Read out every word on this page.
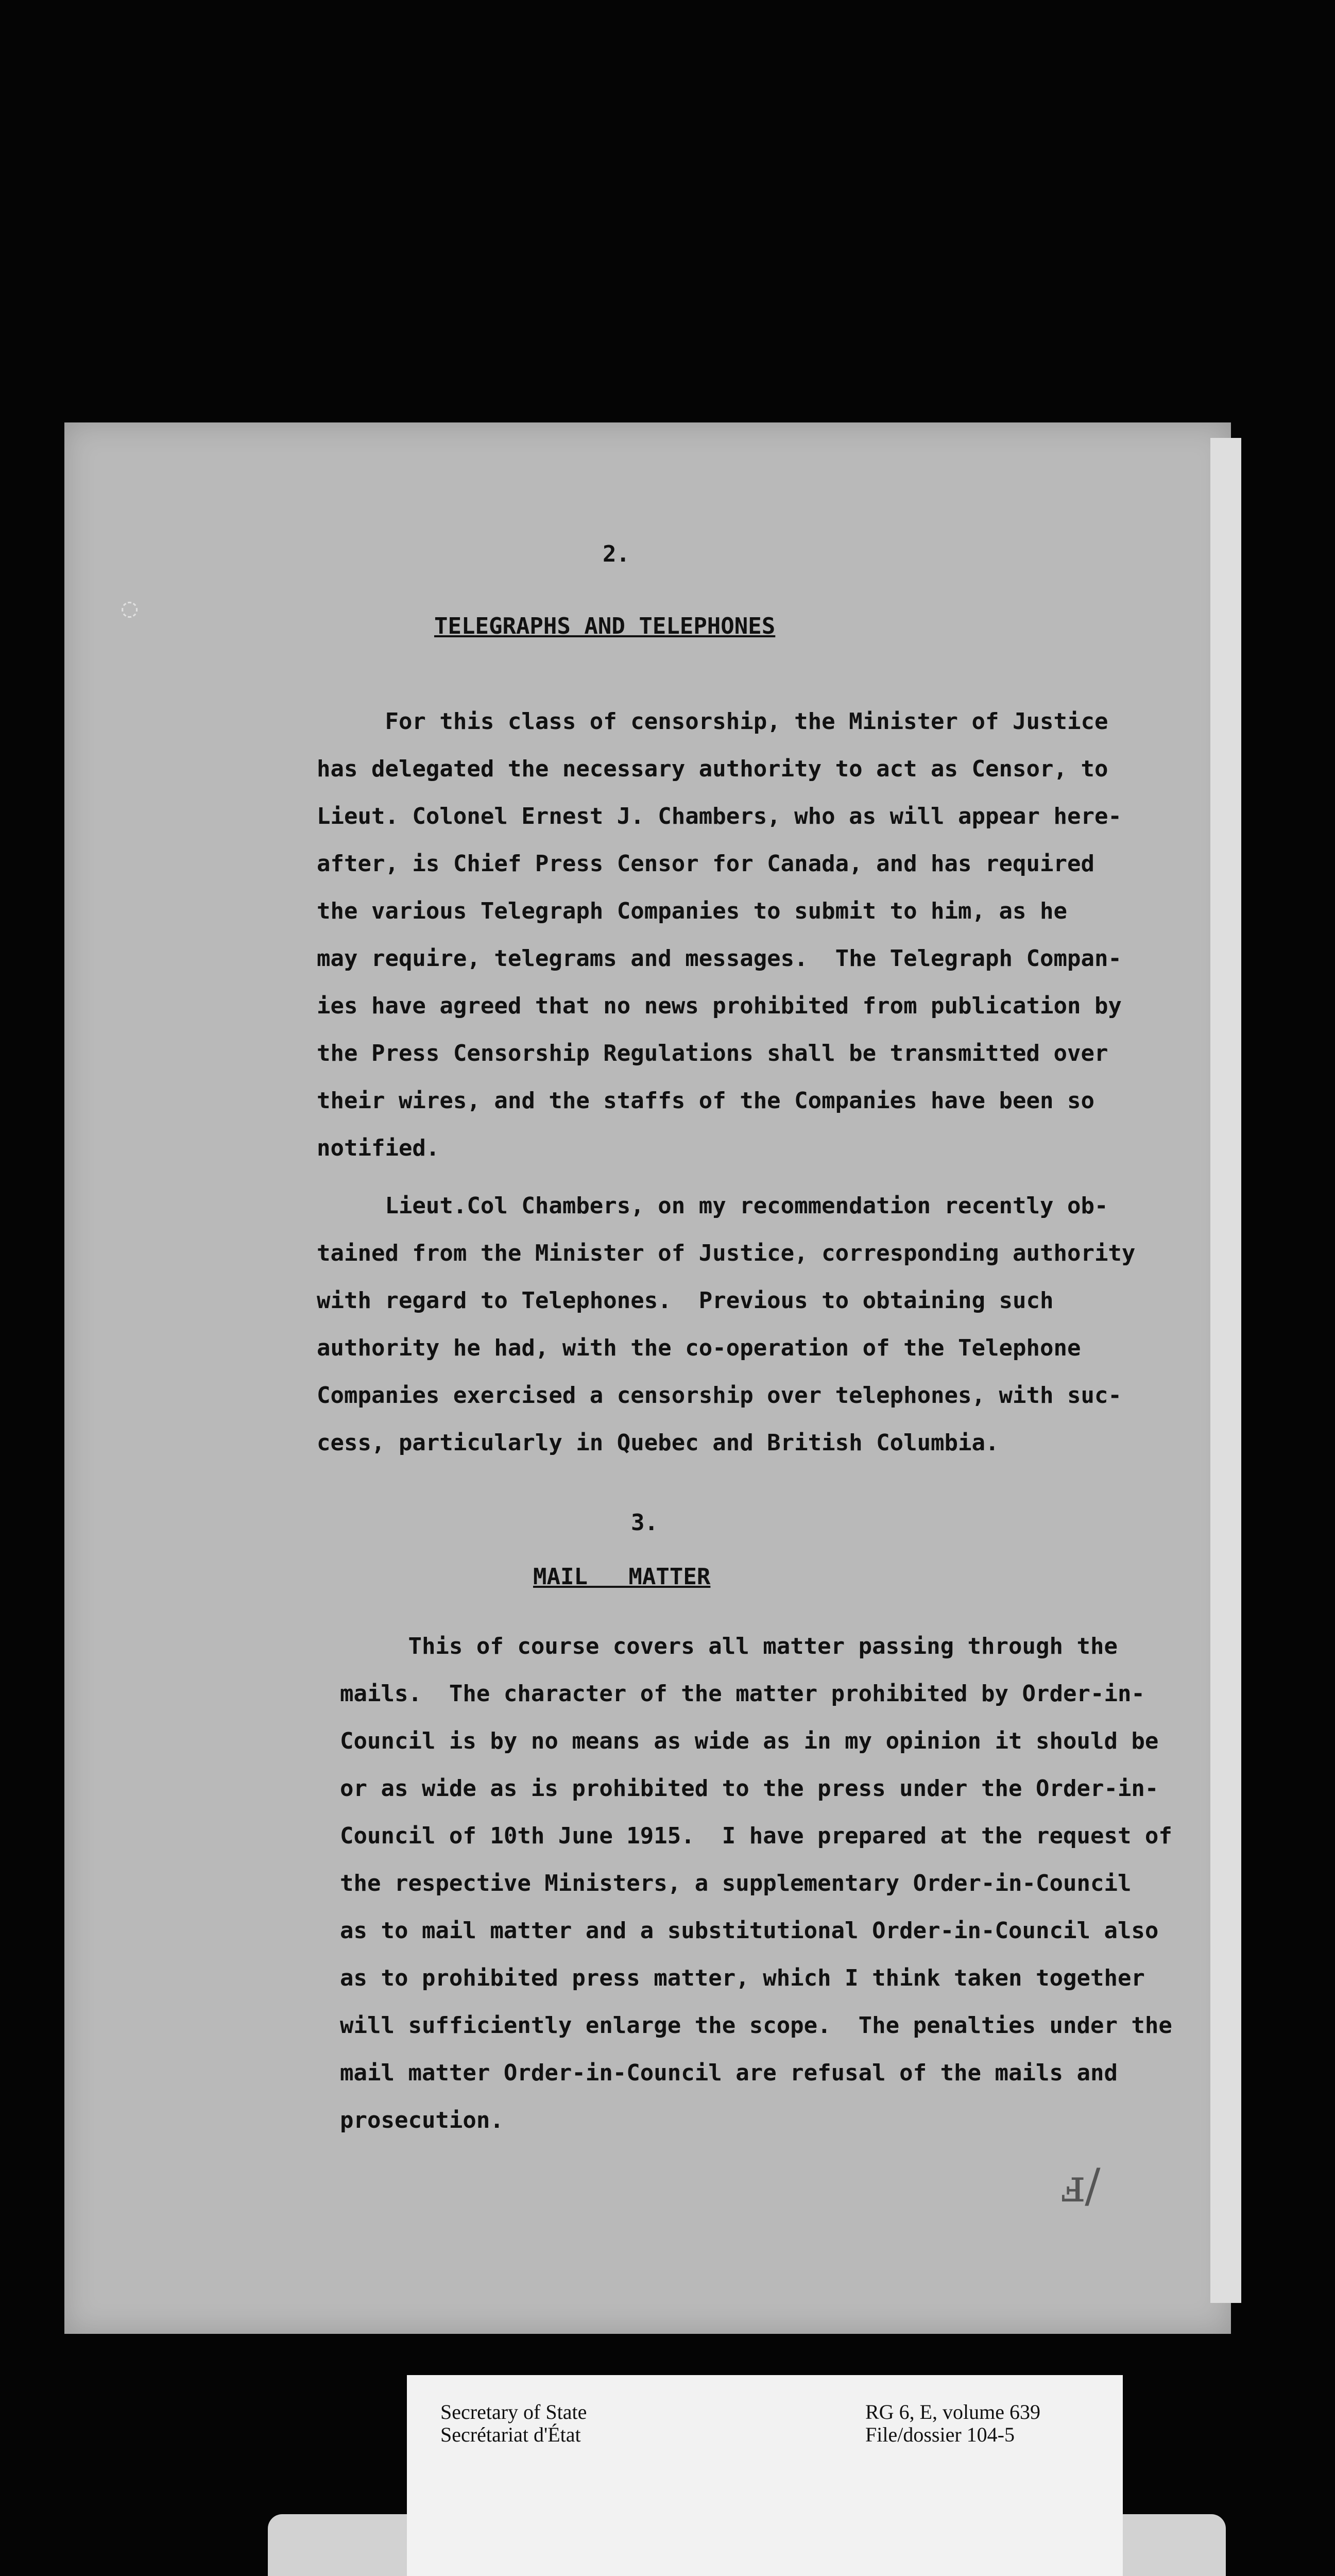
◌
2.
TELEGRAPHS AND TELEPHONES
For this class of censorship, the Minister of Justice
has delegated the necessary authority to act as Censor, to
Lieut. Colonel Ernest J. Chambers, who as will appear here-
after, is Chief Press Censor for Canada, and has required
the various Telegraph Companies to submit to him, as he
may require, telegrams and messages.  The Telegraph Compan-
ies have agreed that no news prohibited from publication by
the Press Censorship Regulations shall be transmitted over
their wires, and the staffs of the Companies have been so
notified.
Lieut.Col Chambers, on my recommendation recently ob-
tained from the Minister of Justice, corresponding authority
with regard to Telephones.  Previous to obtaining such
authority he had, with the co-operation of the Telephone
Companies exercised a censorship over telephones, with suc-
cess, particularly in Quebec and British Columbia.
3.
MAIL   MATTER
This of course covers all matter passing through the
mails.  The character of the matter prohibited by Order-in-
Council is by no means as wide as in my opinion it should be
or as wide as is prohibited to the press under the Order-in-
Council of 10th June 1915.  I have prepared at the request of
the respective Ministers, a supplementary Order-in-Council
as to mail matter and a substitutional Order-in-Council also
as to prohibited press matter, which I think taken together
will sufficiently enlarge the scope.  The penalties under the
mail matter Order-in-Council are refusal of the mails and
prosecution.
ⅎ/
Secretary of State
Secrétariat d'État
RG 6, E, volume 639
File/dossier 104-5
